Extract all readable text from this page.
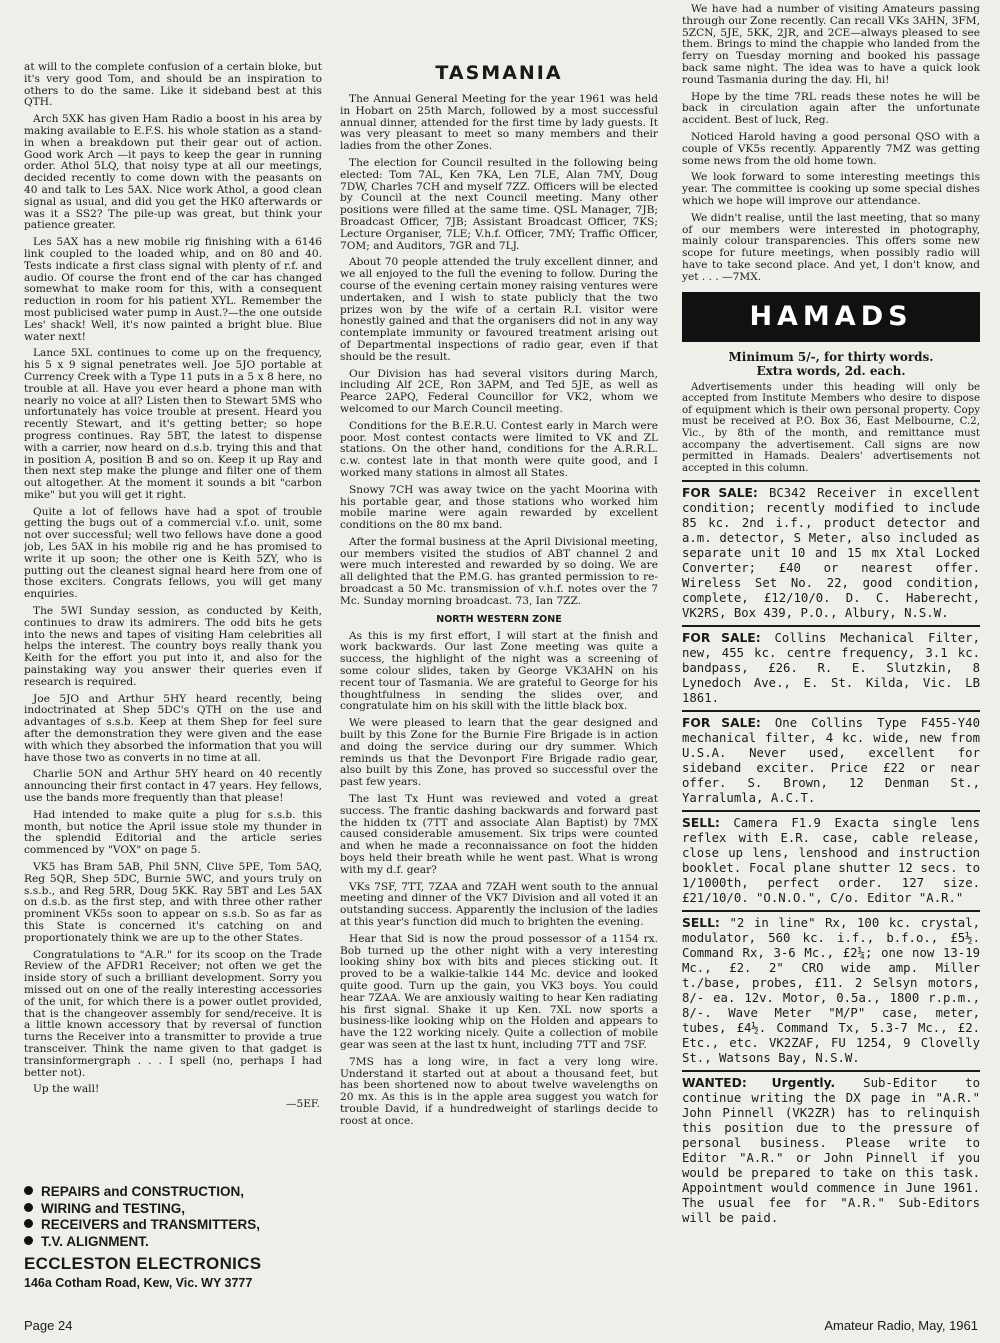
at will to the complete confusion of a certain bloke, but it's very good Tom, and should be an inspiration to others to do the same. Like it sideband best at this QTH.

Arch 5XK has given Ham Radio a boost in his area by making available to E.F.S. his whole station as a stand-in when a breakdown put their gear out of action. Good work Arch —it pays to keep the gear in running order. Athol 5LQ, that noisy type at all our meetings, decided recently to come down with the peasants on 40 and talk to Les 5AX. Nice work Athol, a good clean signal as usual, and did you get the HK0 afterwards or was it a SS2? The pile-up was great, but think your patience greater.

Les 5AX has a new mobile rig finishing with a 6146 link coupled to the loaded whip, and on 80 and 40. Tests indicate a first class signal with plenty of r.f. and audio. Of course the front end of the car has changed somewhat to make room for this, with a consequent reduction in room for his patient XYL. Remember the most publicised water pump in Aust.?—the one outside Les' shack! Well, it's now painted a bright blue. Blue water next!

Lance 5XL continues to come up on the frequency, his 5 x 9 signal penetrates well. Joe 5JO portable at Currency Creek with a Type 11 puts in a 5 x 8 here, no trouble at all. Have you ever heard a phone man with nearly no voice at all? Listen then to Stewart 5MS who unfortunately has voice trouble at present. Heard you recently Stewart, and it's getting better; so hope progress continues. Ray 5BT, the latest to dispense with a carrier, now heard on d.s.b. trying this and that in position A, position B and so on. Keep it up Ray and then next step make the plunge and filter one of them out altogether. At the moment it sounds a bit "carbon mike" but you will get it right.

Quite a lot of fellows have had a spot of trouble getting the bugs out of a commercial v.f.o. unit, some not over successful; well two fellows have done a good job, Les 5AX in his mobile rig and he has promised to write it up soon; the other one is Keith 5ZY, who is putting out the cleanest signal heard here from one of those exciters. Congrats fellows, you will get many enquiries.

The 5WI Sunday session, as conducted by Keith, continues to draw its admirers. The odd bits he gets into the news and tapes of visiting Ham celebrities all helps the interest. The country boys really thank you Keith for the effort you put into it, and also for the painstaking way you answer their queries even if research is required.

Joe 5JO and Arthur 5HY heard recently, being indoctrinated at Shep 5DC's QTH on the use and advantages of s.s.b. Keep at them Shep for feel sure after the demonstration they were given and the ease with which they absorbed the information that you will have those two as converts in no time at all.

Charlie 5ON and Arthur 5HY heard on 40 recently announcing their first contact in 47 years. Hey fellows, use the bands more frequently than that please!

Had intended to make quite a plug for s.s.b. this month, but notice the April issue stole my thunder in the splendid Editorial and the article series commenced by "VOX" on page 5.

VK5 has Bram 5AB, Phil 5NN, Clive 5PE, Tom 5AQ, Reg 5QR, Shep 5DC, Burnie 5WC, and yours truly on s.s.b., and Reg 5RR, Doug 5KK. Ray 5BT and Les 5AX on d.s.b. as the first step, and with three other rather prominent VK5s soon to appear on s.s.b. So as far as this State is concerned it's catching on and proportionately think we are up to the other States.

Congratulations to "A.R." for its scoop on the Trade Review of the AFDR1 Receiver; not often we get the inside story of such a brilliant development. Sorry you missed out on one of the really interesting accessories of the unit, for which there is a power outlet provided, that is the changeover assembly for send/receive. It is a little known accessory that by reversal of function turns the Receiver into a transmitter to provide a true transceiver. Think the name given to that gadget is transinformergraph . . . I spell (no, perhaps I had better not).

Up the wall!

—5EF.
REPAIRS and CONSTRUCTION,
WIRING and TESTING,
RECEIVERS and TRANSMITTERS,
T.V. ALIGNMENT.
ECCLESTON ELECTRONICS
146a Cotham Road, Kew, Vic. WY 3777
TASMANIA

The Annual General Meeting for the year 1961 was held in Hobart on 25th March, followed by a most successful annual dinner, attended for the first time by lady guests. It was very pleasant to meet so many members and their ladies from the other Zones.

The election for Council resulted in the following being elected: Tom 7AL, Ken 7KA, Len 7LE, Alan 7MY, Doug 7DW, Charles 7CH and myself 7ZZ. Officers will be elected by Council at the next Council meeting. Many other positions were filled at the same time. QSL Manager, 7JB; Broadcast Officer, 7JB; Assistant Broadcast Officer, 7KS; Lecture Organiser, 7LE; V.h.f. Officer, 7MY; Traffic Officer, 7OM; and Auditors, 7GR and 7LJ.

About 70 people attended the truly excellent dinner, and we all enjoyed to the full the evening to follow. During the course of the evening certain money raising ventures were undertaken, and I wish to state publicly that the two prizes won by the wife of a certain R.I. visitor were honestly gained and that the organisers did not in any way contemplate immunity or favoured treatment arising out of Departmental inspections of radio gear, even if that should be the result.

Our Division has had several visitors during March, including Alf 2CE, Ron 3APM, and Ted 5JE, as well as Pearce 2APQ, Federal Councillor for VK2, whom we welcomed to our March Council meeting.

Conditions for the B.E.R.U. Contest early in March were poor. Most contest contacts were limited to VK and ZL stations. On the other hand, conditions for the A.R.R.L. c.w. contest late in that month were quite good, and I worked many stations in almost all States.

Snowy 7CH was away twice on the yacht Moorina with his portable gear, and those stations who worked him mobile marine were again rewarded by excellent conditions on the 80 mx band.

After the formal business at the April Divisional meeting, our members visited the studios of ABT channel 2 and were much interested and rewarded by so doing. We are all delighted that the P.M.G. has granted permission to re-broadcast a 50 Mc. transmission of v.h.f. notes over the 7 Mc. Sunday morning broadcast. 73, Ian 7ZZ.

NORTH WESTERN ZONE

As this is my first effort, I will start at the finish and work backwards. Our last Zone meeting was quite a success, the highlight of the night was a screening of some colour slides, taken by George VK3AHN on his recent tour of Tasmania. We are grateful to George for his thoughtfulness in sending the slides over, and congratulate him on his skill with the little black box.

We were pleased to learn that the gear designed and built by this Zone for the Burnie Fire Brigade is in action and doing the service during our dry summer. Which reminds us that the Devonport Fire Brigade radio gear, also built by this Zone, has proved so successful over the past few years.

The last Tx Hunt was reviewed and voted a great success. The frantic dashing backwards and forward past the hidden tx (7TT and associate Alan Baptist) by 7MX caused considerable amusement. Six trips were counted and when he made a reconnaissance on foot the hidden boys held their breath while he went past. What is wrong with my d.f. gear?

VKs 7SF, 7TT, 7ZAA and 7ZAH went south to the annual meeting and dinner of the VK7 Division and all voted it an outstanding success. Apparently the inclusion of the ladies at this year's function did much to brighten the evening.

Hear that Sid is now the proud possessor of a 1154 rx. Bob turned up the other night with a very interesting looking shiny box with bits and pieces sticking out. It proved to be a walkie-talkie 144 Mc. device and looked quite good. Turn up the gain, you VK3 boys. You could hear 7ZAA. We are anxiously waiting to hear Ken radiating his first signal. Shake it up Ken. 7XL now sports a business-like looking whip on the Holden and appears to have the 122 working nicely. Quite a collection of mobile gear was seen at the last tx hunt, including 7TT and 7SF.

7MS has a long wire, in fact a very long wire. Understand it started out at about a thousand feet, but has been shortened now to about twelve wavelengths on 20 mx. As this is in the apple area suggest you watch for trouble David, if a hundredweight of starlings decide to roost at once.

We have had a number of visiting Amateurs passing through our Zone recently. Can recall VKs 3AHN, 3FM, 5ZCN, 5JE, 5KK, 2JR, and 2CE—always pleased to see them. Brings to mind the chappie who landed from the ferry on Tuesday morning and booked his passage back same night. The idea was to have a quick look round Tasmania during the day. Hi, hi!

Hope by the time 7RL reads these notes he will be back in circulation again after the unfortunate accident. Best of luck, Reg.

Noticed Harold having a good personal QSO with a couple of VK5s recently. Apparently 7MZ was getting some news from the old home town.

We look forward to some interesting meetings this year. The committee is cooking up some special dishes which we hope will improve our attendance.

We didn't realise, until the last meeting, that so many of our members were interested in photography, mainly colour transparencies. This offers some new scope for future meetings, when possibly radio will have to take second place. And yet, I don't know, and yet . . . —7MX.

HAMADS
Minimum 5/-, for thirty words.
Extra words, 2d. each.

Advertisements under this heading will only be accepted from Institute Members who desire to dispose of equipment which is their own personal property. Copy must be received at P.O. Box 36, East Melbourne, C.2, Vic., by 8th of the month, and remittance must accompany the advertisement. Call signs are now permitted in Hamads. Dealers' advertisements not accepted in this column.

FOR SALE: BC342 Receiver in excellent condition; recently modified to include 85 kc. 2nd i.f., product detector and a.m. detector, S Meter, also included as separate unit 10 and 15 mx Xtal Locked Converter; £40 or nearest offer. Wireless Set No. 22, good condition, complete, £12/10/0. D. C. Haberecht, VK2RS, Box 439, P.O., Albury, N.S.W.
FOR SALE: Collins Mechanical Filter, new, 455 kc. centre frequency, 3.1 kc. bandpass, £26. R. E. Slutzkin, 8 Lynedoch Ave., E. St. Kilda, Vic. LB 1861.
FOR SALE: One Collins Type F455-Y40 mechanical filter, 4 kc. wide, new from U.S.A. Never used, excellent for sideband exciter. Price £22 or near offer. S. Brown, 12 Denman St., Yarralumla, A.C.T.
SELL: Camera F1.9 Exacta single lens reflex with E.R. case, cable release, close up lens, lenshood and instruction booklet. Focal plane shutter 12 secs. to 1/1000th, perfect order. 127 size. £21/10/0. "O.N.O.", C/o. Editor "A.R."
SELL: "2 in line" Rx, 100 kc. crystal, modulator, 560 kc. i.f., b.f.o., £5½. Command Rx, 3-6 Mc., £2¼; one now 13-19 Mc., £2. 2" CRO wide amp. Miller t./base, probes, £11. 2 Selsyn motors, 8/- ea. 12v. Motor, 0.5a., 1800 r.p.m., 8/-. Wave Meter "M/P" case, meter, tubes, £4½. Command Tx, 5.3-7 Mc., £2. Etc., etc. VK2ZAF, FU 1254, 9 Clovelly St., Watsons Bay, N.S.W.
WANTED: Urgently. Sub-Editor to continue writing the DX page in "A.R." John Pinnell (VK2ZR) has to relinquish this position due to the pressure of personal business. Please write to Editor "A.R." or John Pinnell if you would be prepared to take on this task. Appointment would commence in June 1961. The usual fee for "A.R." Sub-Editors will be paid.
Page 24	Amateur Radio, May, 1961
